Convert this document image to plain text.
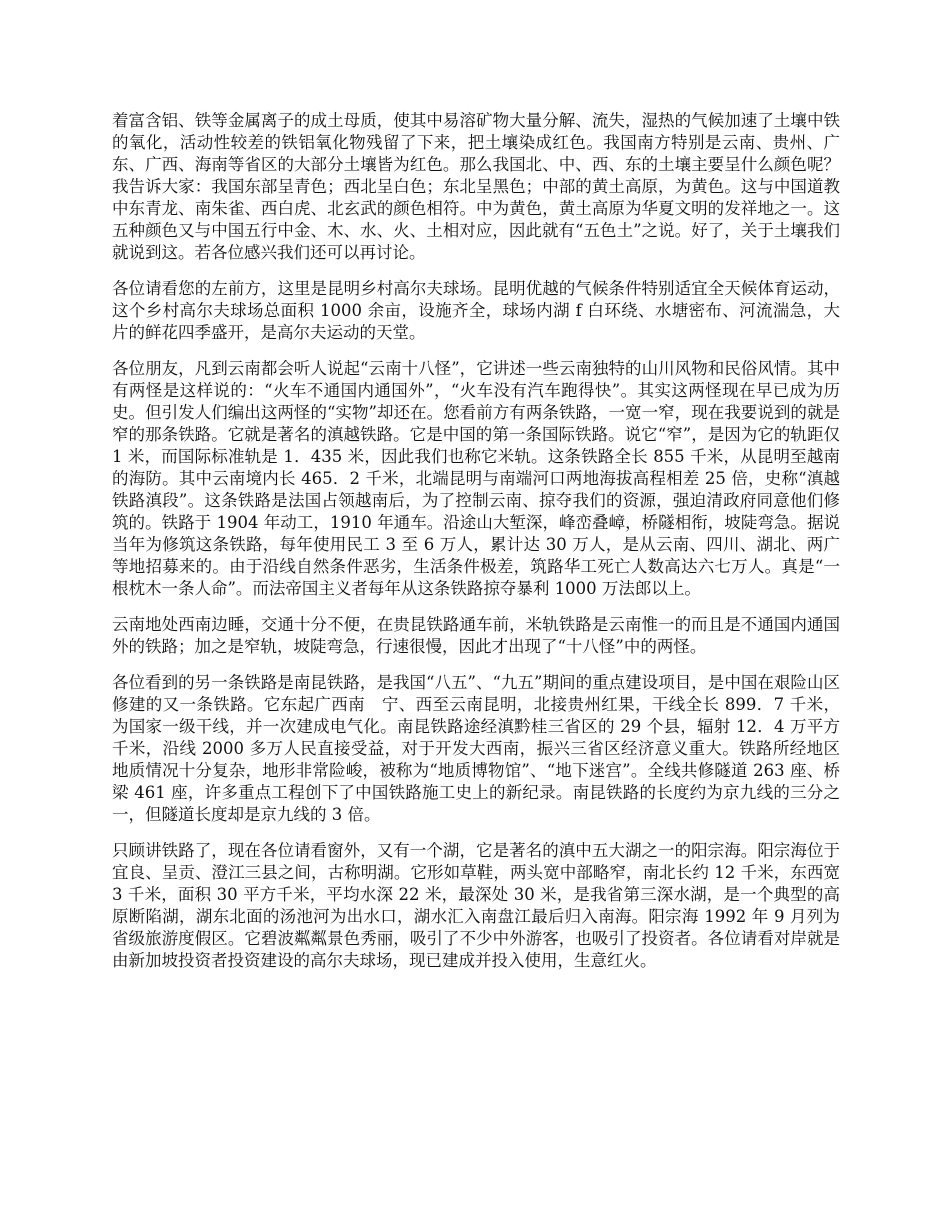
着富含铝、铁等金属离子的成土母质，使其中易溶矿物大量分解、流失，湿热的气候加速了土壤中铁的氧化，活动性较差的铁铝氧化物残留了下来，把土壤染成红色。我国南方特别是云南、贵州、广东、广西、海南等省区的大部分土壤皆为红色。那么我国北、中、西、东的土壤主要呈什么颜色呢？我告诉大家：我国东部呈青色；西北呈白色；东北呈黑色；中部的黄土高原，为黄色。这与中国道教中东青龙、南朱雀、西白虎、北玄武的颜色相符。中为黄色，黄土高原为华夏文明的发祥地之一。这五种颜色又与中国五行中金、木、水、火、土相对应，因此就有“五色土”之说。好了，关于土壤我们就说到这。若各位感兴我们还可以再讨论。

各位请看您的左前方，这里是昆明乡村高尔夫球场。昆明优越的气候条件特别适宜全天候体育运动，这个乡村高尔夫球场总面积 1000 余亩，设施齐全，球场内湖 f 白环绕、水塘密布、河流湍急，大片的鲜花四季盛开，是高尔夫运动的天堂。

各位朋友，凡到云南都会听人说起“云南十八怪”，它讲述一些云南独特的山川风物和民俗风情。其中有两怪是这样说的：“火车不通国内通国外”，“火车没有汽车跑得快”。其实这两怪现在早已成为历史。但引发人们编出这两怪的“实物”却还在。您看前方有两条铁路，一宽一窄，现在我要说到的就是窄的那条铁路。它就是著名的滇越铁路。它是中国的第一条国际铁路。说它“窄”，是因为它的轨距仅 1 米，而国际标准轨是 1．435 米，因此我们也称它米轨。这条铁路全长 855 千米，从昆明至越南的海防。其中云南境内长 465．2 千米，北端昆明与南端河口两地海拔高程相差 25 倍，史称“滇越铁路滇段”。这条铁路是法国占领越南后，为了控制云南、掠夺我们的资源，强迫清政府同意他们修筑的。铁路于 1904 年动工，1910 年通车。沿途山大堑深，峰峦叠嶂，桥隧相衔，坡陡弯急。据说当年为修筑这条铁路，每年使用民工 3 至 6 万人，累计达 30 万人，是从云南、四川、湖北、两广等地招募来的。由于沿线自然条件恶劣，生活条件极差，筑路华工死亡人数高达六七万人。真是“一根枕木一条人命”。而法帝国主义者每年从这条铁路掠夺暴利 1000 万法郎以上。

云南地处西南边睡，交通十分不便，在贵昆铁路通车前，米轨铁路是云南惟一的而且是不通国内通国外的铁路；加之是窄轨，坡陡弯急，行速很慢，因此才出现了“十八怪”中的两怪。

各位看到的另一条铁路是南昆铁路，是我国“八五”、“九五”期间的重点建设项目，是中国在艰险山区修建的又一条铁路。它东起广西南　宁、西至云南昆明，北接贵州红果，干线全长 899．7 千米，为国家一级干线，并一次建成电气化。南昆铁路途经滇黔桂三省区的 29 个县，辐射 12．4 万平方千米，沿线 2000 多万人民直接受益，对于开发大西南，振兴三省区经济意义重大。铁路所经地区地质情况十分复杂，地形非常险峻，被称为“地质博物馆”、“地下迷宫”。全线共修隧道 263 座、桥梁 461 座，许多重点工程创下了中国铁路施工史上的新纪录。南昆铁路的长度约为京九线的三分之一，但隧道长度却是京九线的 3 倍。

只顾讲铁路了，现在各位请看窗外，又有一个湖，它是著名的滇中五大湖之一的阳宗海。阳宗海位于宜良、呈贡、澄江三县之间，古称明湖。它形如草鞋，两头宽中部略窄，南北长约 12 千米，东西宽 3 千米，面积 30 平方千米，平均水深 22 米，最深处 30 米，是我省第三深水湖，是一个典型的高原断陷湖，湖东北面的汤池河为出水口，湖水汇入南盘江最后归入南海。阳宗海 1992 年 9 月列为省级旅游度假区。它碧波粼粼景色秀丽，吸引了不少中外游客，也吸引了投资者。各位请看对岸就是由新加坡投资者投资建设的高尔夫球场，现已建成并投入使用，生意红火。
